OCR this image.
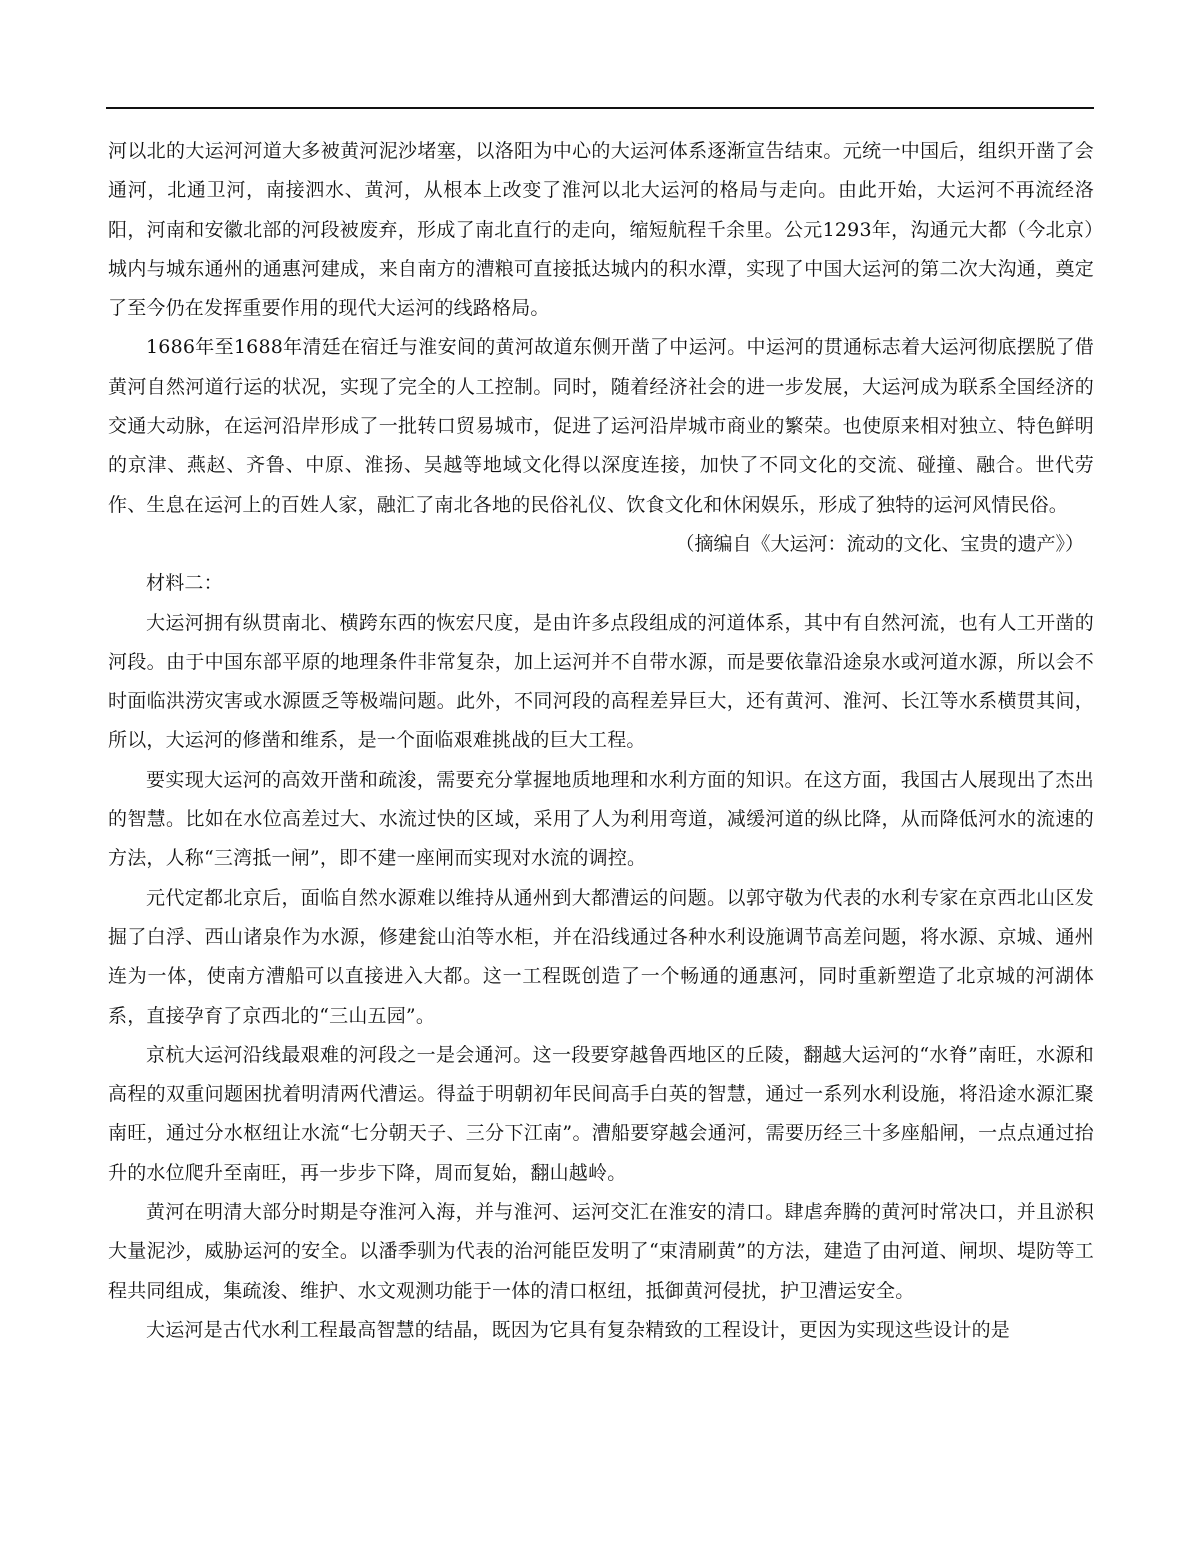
河以北的大运河河道大多被黄河泥沙堵塞，以洛阳为中心的大运河体系逐渐宣告结束。元统一中国后，组织开凿了会通河，北通卫河，南接泗水、黄河，从根本上改变了淮河以北大运河的格局与走向。由此开始，大运河不再流经洛阳，河南和安徽北部的河段被废弃，形成了南北直行的走向，缩短航程千余里。公元1293年，沟通元大都（今北京）城内与城东通州的通惠河建成，来自南方的漕粮可直接抵达城内的积水潭，实现了中国大运河的第二次大沟通，奠定了至今仍在发挥重要作用的现代大运河的线路格局。

1686年至1688年清廷在宿迁与淮安间的黄河故道东侧开凿了中运河。中运河的贯通标志着大运河彻底摆脱了借黄河自然河道行运的状况，实现了完全的人工控制。同时，随着经济社会的进一步发展，大运河成为联系全国经济的交通大动脉，在运河沿岸形成了一批转口贸易城市，促进了运河沿岸城市商业的繁荣。也使原来相对独立、特色鲜明的京津、燕赵、齐鲁、中原、淮扬、吴越等地域文化得以深度连接，加快了不同文化的交流、碰撞、融合。世代劳作、生息在运河上的百姓人家，融汇了南北各地的民俗礼仪、饮食文化和休闲娱乐，形成了独特的运河风情民俗。

（摘编自《大运河：流动的文化、宝贵的遗产》）

材料二：

大运河拥有纵贯南北、横跨东西的恢宏尺度，是由许多点段组成的河道体系，其中有自然河流，也有人工开凿的河段。由于中国东部平原的地理条件非常复杂，加上运河并不自带水源，而是要依靠沿途泉水或河道水源，所以会不时面临洪涝灾害或水源匮乏等极端问题。此外，不同河段的高程差异巨大，还有黄河、淮河、长江等水系横贯其间，所以，大运河的修凿和维系，是一个面临艰难挑战的巨大工程。

要实现大运河的高效开凿和疏浚，需要充分掌握地质地理和水利方面的知识。在这方面，我国古人展现出了杰出的智慧。比如在水位高差过大、水流过快的区域，采用了人为利用弯道，减缓河道的纵比降，从而降低河水的流速的方法，人称“三湾抵一闸”，即不建一座闸而实现对水流的调控。

元代定都北京后，面临自然水源难以维持从通州到大都漕运的问题。以郭守敬为代表的水利专家在京西北山区发掘了白浮、西山诸泉作为水源，修建瓮山泊等水柜，并在沿线通过各种水利设施调节高差问题，将水源、京城、通州连为一体，使南方漕船可以直接进入大都。这一工程既创造了一个畅通的通惠河，同时重新塑造了北京城的河湖体系，直接孕育了京西北的“三山五园”。

京杭大运河沿线最艰难的河段之一是会通河。这一段要穿越鲁西地区的丘陵，翻越大运河的“水脊”南旺，水源和高程的双重问题困扰着明清两代漕运。得益于明朝初年民间高手白英的智慧，通过一系列水利设施，将沿途水源汇聚南旺，通过分水枢纽让水流“七分朝天子、三分下江南”。漕船要穿越会通河，需要历经三十多座船闸，一点点通过抬升的水位爬升至南旺，再一步步下降，周而复始，翻山越岭。

黄河在明清大部分时期是夺淮河入海，并与淮河、运河交汇在淮安的清口。肆虐奔腾的黄河时常决口，并且淤积大量泥沙，威胁运河的安全。以潘季驯为代表的治河能臣发明了“束清刷黄”的方法，建造了由河道、闸坝、堤防等工程共同组成，集疏浚、维护、水文观测功能于一体的清口枢纽，抵御黄河侵扰，护卫漕运安全。

大运河是古代水利工程最高智慧的结晶，既因为它具有复杂精致的工程设计，更因为实现这些设计的是
